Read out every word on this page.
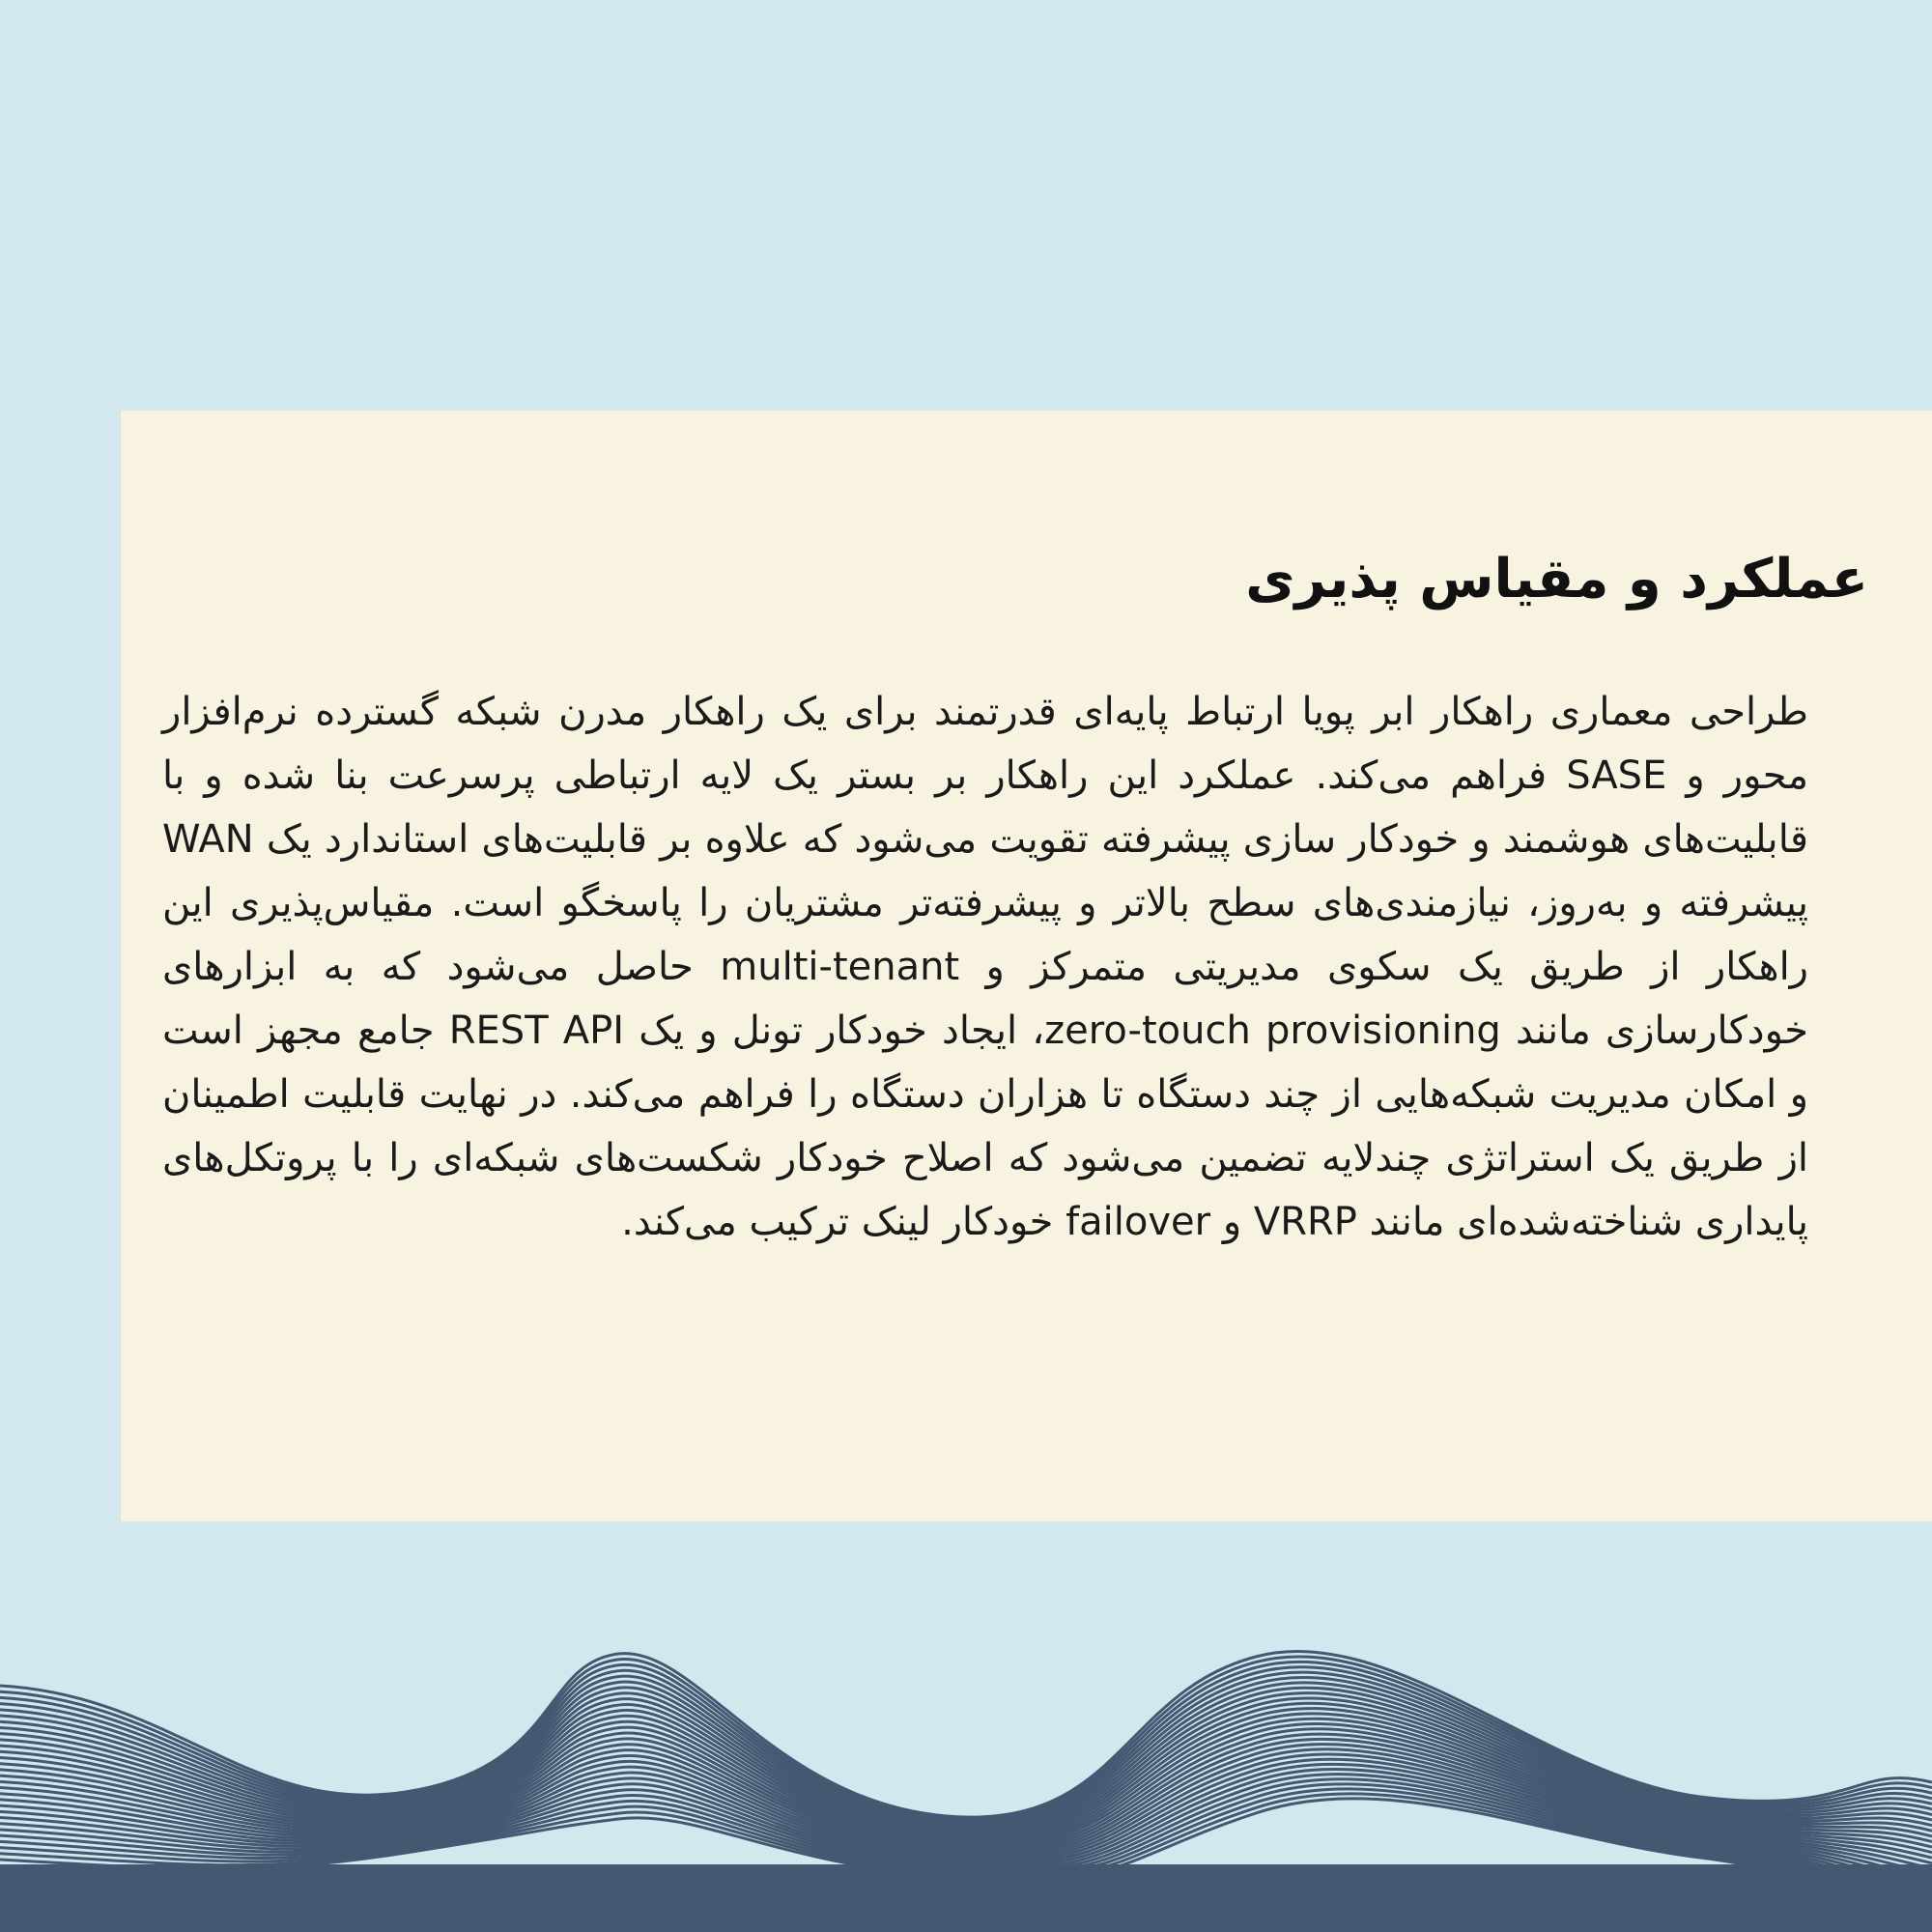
عملکرد و مقیاس پذیری

طراحی معماری راهکار ابر پویا ارتباط پایه‌ای قدرتمند برای یک راهکار مدرن شبکه گسترده نرم‌افزار محور و SASE فراهم می‌کند. عملکرد این راهکار بر بستر یک لایه ارتباطی پرسرعت بنا شده و با قابلیت‌های هوشمند و خودکار سازی پیشرفته تقویت می‌شود که علاوه بر قابلیت‌های استاندارد یک WAN پیشرفته و به‌روز، نیازمندی‌های سطح بالاتر و پیشرفته‌تر مشتریان را پاسخگو است. مقیاس‌پذیری این راهکار از طریق یک سکوی مدیریتی متمرکز و multi-tenant حاصل می‌شود که به ابزارهای خودکارسازی مانند zero-touch provisioning، ایجاد خودکار تونل و یک REST API جامع مجهز است و امکان مدیریت شبکه‌هایی از چند دستگاه تا هزاران دستگاه را فراهم می‌کند. در نهایت قابلیت اطمینان از طریق یک استراتژی چندلایه تضمین می‌شود که اصلاح خودکار شکست‌های شبکه‌ای را با پروتکل‌های پایداری شناخته‌شده‌ای مانند VRRP و failover خودکار لینک ترکیب می‌کند.
